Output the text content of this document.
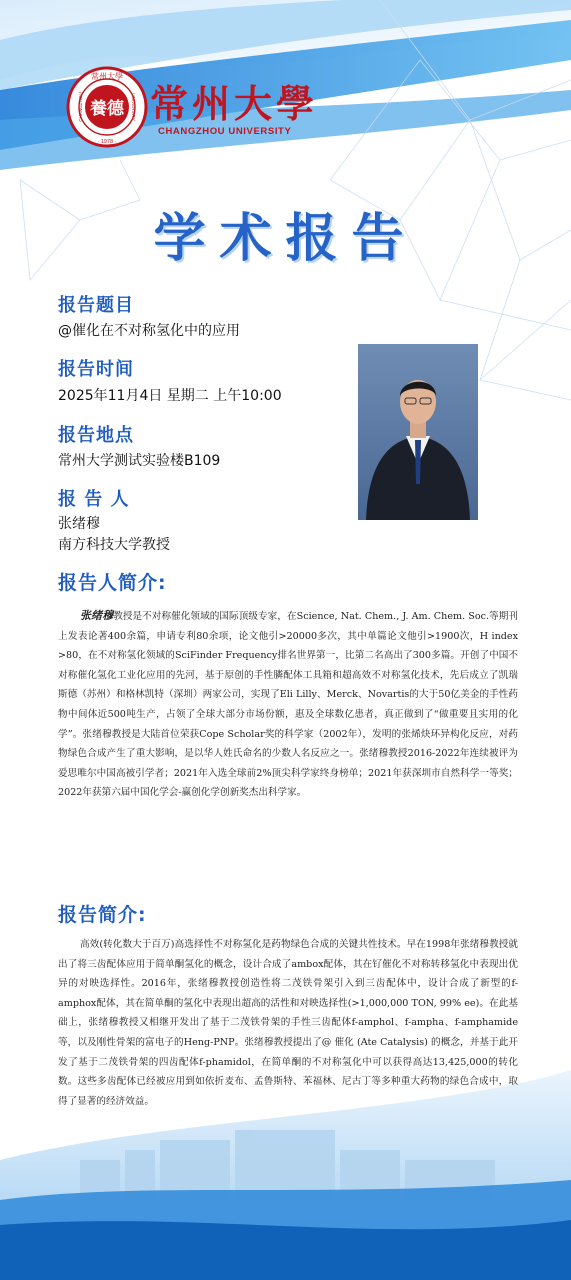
養德
常州大學
CHANGZHOU	UNIVERSITY
· 1978 ·
常州大學
CHANGZHOU UNIVERSITY
学术报告
报告题目
@催化在不对称氢化中的应用
报告时间
2025年11月4日 星期二 上午10:00
报告地点
常州大学测试实验楼B109
报 告 人
张绪穆
南方科技大学教授
报告人简介:
张绪穆教授是不对称催化领域的国际顶级专家，在Science, Nat. Chem., J. Am. Chem. Soc.等期刊上发表论著400余篇，申请专利80余项，论文他引>20000多次，其中单篇论文他引>1900次，H index >80，在不对称氢化领域的SciFinder Frequency排名世界第一，比第二名高出了300多篇。开创了中国不对称催化氢化工业化应用的先河，基于原创的手性膦配体工具箱和超高效不对称氢化技术，先后成立了凯瑞斯德（苏州）和格林凯特（深圳）两家公司，实现了Eli Lilly、Merck、Novartis的大于50亿美金的手性药物中间体近500吨生产，占领了全球大部分市场份额，惠及全球数亿患者，真正做到了“做重要且实用的化学”。张绪穆教授是大陆首位荣获Cope Scholar奖的科学家（2002年），发明的张烯炔环异构化反应，对药物绿色合成产生了重大影响，是以华人姓氏命名的少数人名反应之一。张绪穆教授2016-2022年连续被评为爱思唯尔中国高被引学者；2021年入选全球前2%顶尖科学家终身榜单；2021年获深圳市自然科学一等奖；2022年获第六届中国化学会-赢创化学创新奖杰出科学家。
报告简介:
高效(转化数大于百万)高选择性不对称氢化是药物绿色合成的关键共性技术。早在1998年张绪穆教授就出了将三齿配体应用于简单酮氢化的概念，设计合成了ambox配体，其在钌催化不对称转移氢化中表现出优异的对映选择性。2016年，张绪穆教授创造性将二茂铁骨架引入到三齿配体中，设计合成了新型的f-amphox配体，其在简单酮的氢化中表现出超高的活性和对映选择性(>1,000,000 TON, 99% ee)。在此基础上，张绪穆教授又相继开发出了基于二茂铁骨架的手性三齿配体f-amphol、f-ampha、f-amphamide等，以及刚性骨架的富电子的Heng-PNP。张绪穆教授提出了@ 催化 (Ate Catalysis) 的概念，并基于此开发了基于二茂铁骨架的四齿配体f-phamidol，在简单酮的不对称氢化中可以获得高达13,425,000的转化数。这些多齿配体已经被应用到如依折麦布、孟鲁斯特、苯福林、尼古丁等多种重大药物的绿色合成中，取得了显著的经济效益。
